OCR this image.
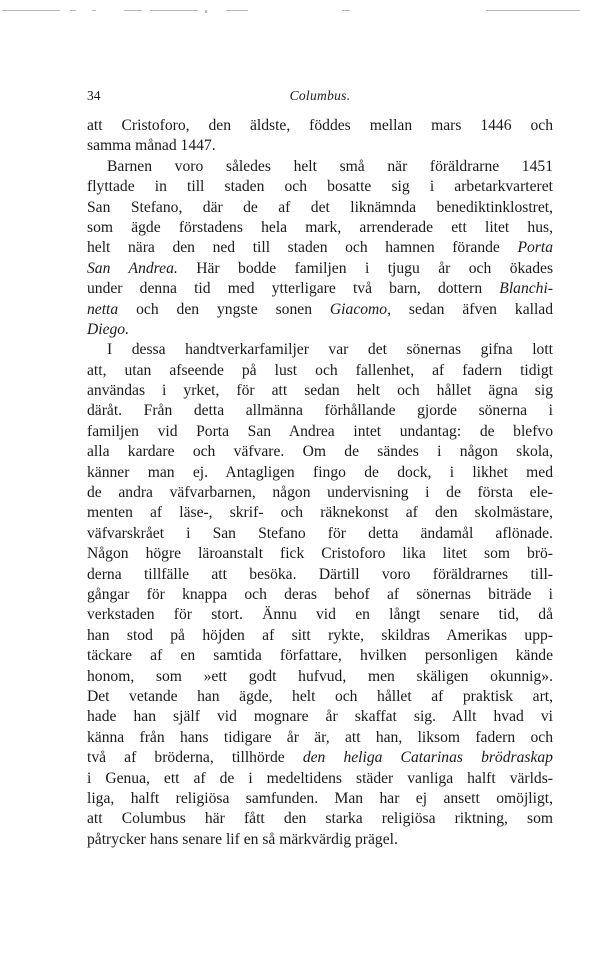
34	Columbus.
att Cristoforo, den äldste, föddes mellan mars 1446 och
samma månad 1447.
Barnen voro således helt små när föräldrarne 1451
flyttade in till staden och bosatte sig i arbetarkvarteret
San Stefano, där de af det liknämnda benediktinklostret,
som ägde förstadens hela mark, arrenderade ett litet hus,
helt nära den ned till staden och hamnen förande Porta
San Andrea. Här bodde familjen i tjugu år och ökades
under denna tid med ytterligare två barn, dottern Blanchi-
netta och den yngste sonen Giacomo, sedan äfven kallad
Diego.
I dessa handtverkarfamiljer var det sönernas gifna lott
att, utan afseende på lust och fallenhet, af fadern tidigt
användas i yrket, för att sedan helt och hållet ägna sig
däråt. Från detta allmänna förhållande gjorde sönerna i
familjen vid Porta San Andrea intet undantag: de blefvo
alla kardare och väfvare. Om de sändes i någon skola,
känner man ej. Antagligen fingo de dock, i likhet med
de andra väfvarbarnen, någon undervisning i de första ele-
menten af läse-, skrif- och räknekonst af den skolmästare,
väfvarskrået i San Stefano för detta ändamål aflönade.
Någon högre läroanstalt fick Cristoforo lika litet som brö-
derna tillfälle att besöka. Därtill voro föräldrarnes till-
gångar för knappa och deras behof af sönernas biträde i
verkstaden för stort. Ännu vid en långt senare tid, då
han stod på höjden af sitt rykte, skildras Amerikas upp-
täckare af en samtida författare, hvilken personligen kände
honom, som »ett godt hufvud, men skäligen okunnig».
Det vetande han ägde, helt och hållet af praktisk art,
hade han själf vid mognare år skaffat sig. Allt hvad vi
känna från hans tidigare år är, att han, liksom fadern och
två af bröderna, tillhörde den heliga Catarinas brödraskap
i Genua, ett af de i medeltidens städer vanliga halft världs-
liga, halft religiösa samfunden. Man har ej ansett omöjligt,
att Columbus här fått den starka religiösa riktning, som
påtrycker hans senare lif en så märkvärdig prägel.
